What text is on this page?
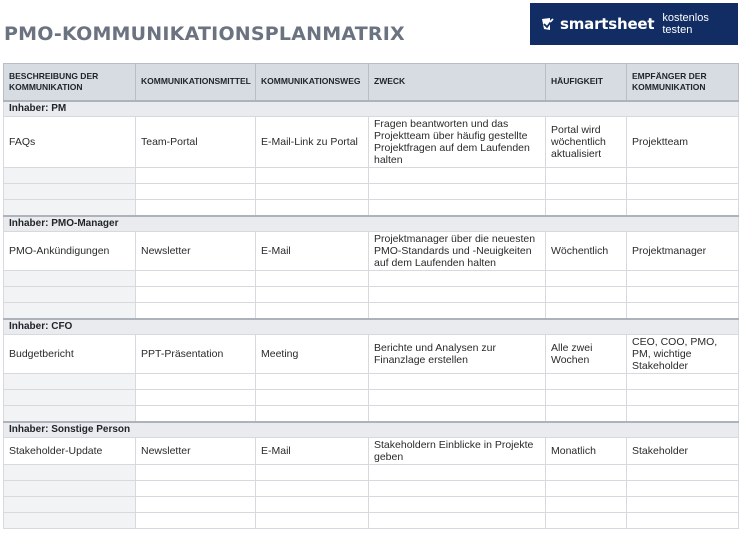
PMO-KOMMUNIKATIONSPLANMATRIX	smartsheet kostenlos testen
BESCHREIBUNG DER KOMMUNIKATION	KOMMUNIKATIONSMITTEL	KOMMUNIKATIONSWEG	ZWECK	HÄUFIGKEIT	EMPFÄNGER DER KOMMUNIKATION
Inhaber: PM					
FAQs	Team-Portal	E-Mail-Link zu Portal	Fragen beantworten und das Projektteam über häufig gestellte Projektfragen auf dem Laufenden halten	Portal wird wöchentlich aktualisiert	Projektteam

Inhaber: PMO-Manager					
PMO-Ankündigungen	Newsletter	E-Mail	Projektmanager über die neuesten PMO-Standards und -Neuigkeiten auf dem Laufenden halten	Wöchentlich	Projektmanager

Inhaber: CFO					
Budgetbericht	PPT-Präsentation	Meeting	Berichte und Analysen zur Finanzlage erstellen	Alle zwei Wochen	CEO, COO, PMO, PM, wichtige Stakeholder

Inhaber: Sonstige Person					
Stakeholder-Update	Newsletter	E-Mail	Stakeholdern Einblicke in Projekte geben	Monatlich	Stakeholder
